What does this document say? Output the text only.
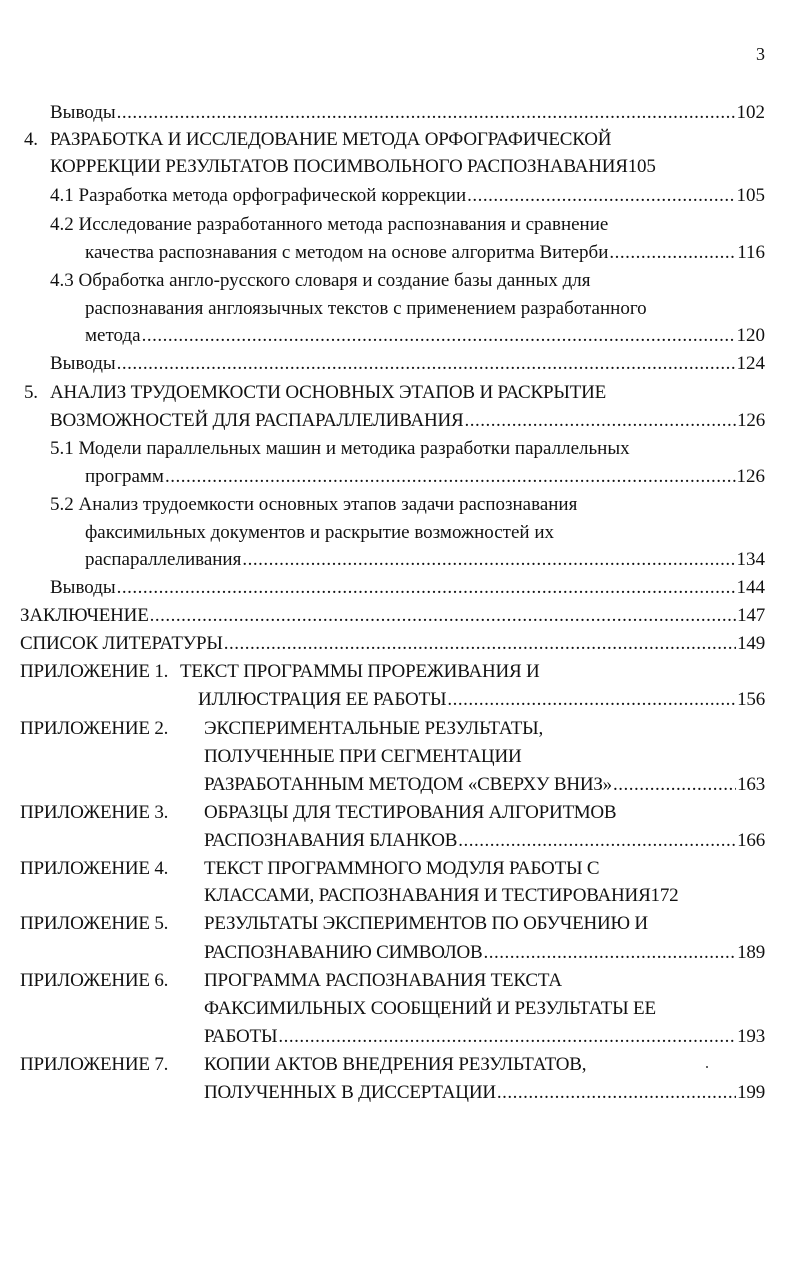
3
Выводы .....	102
4. РАЗРАБОТКА И ИССЛЕДОВАНИЕ МЕТОДА ОРФОГРАФИЧЕСКОЙ
КОРРЕКЦИИ РЕЗУЛЬТАТОВ ПОСИМВОЛЬНОГО РАСПОЗНАВАНИЯ 105
4.1 Разработка метода орфографической коррекции .....	105
4.2 Исследование разработанного метода распознавания и сравнение
качества распознавания с методом на основе алгоритма Витерби .....	116
4.3 Обработка англо-русского словаря и создание базы данных для
распознавания англоязычных текстов с применением разработанного
метода .....	120
Выводы .....	124
5. АНАЛИЗ ТРУДОЕМКОСТИ ОСНОВНЫХ ЭТАПОВ И РАСКРЫТИЕ
ВОЗМОЖНОСТЕЙ ДЛЯ РАСПАРАЛЛЕЛИВАНИЯ .....	126
5.1 Модели параллельных машин и методика разработки параллельных
программ .....	126
5.2 Анализ трудоемкости основных этапов задачи распознавания
факсимильных документов и раскрытие возможностей их
распараллеливания .....	134
Выводы .....	144
ЗАКЛЮЧЕНИЕ .....	147
СПИСОК ЛИТЕРАТУРЫ .....	149
ПРИЛОЖЕНИЕ 1. ТЕКСТ ПРОГРАММЫ ПРОРЕЖИВАНИЯ И
ИЛЛЮСТРАЦИЯ ЕЕ РАБОТЫ .....	156
ПРИЛОЖЕНИЕ 2. ЭКСПЕРИМЕНТАЛЬНЫЕ РЕЗУЛЬТАТЫ,
ПОЛУЧЕННЫЕ ПРИ СЕГМЕНТАЦИИ
РАЗРАБОТАННЫМ МЕТОДОМ «СВЕРХУ ВНИЗ» .....	163
ПРИЛОЖЕНИЕ 3. ОБРАЗЦЫ ДЛЯ ТЕСТИРОВАНИЯ АЛГОРИТМОВ
РАСПОЗНАВАНИЯ БЛАНКОВ .....	166
ПРИЛОЖЕНИЕ 4. ТЕКСТ ПРОГРАММНОГО МОДУЛЯ РАБОТЫ С
КЛАССАМИ, РАСПОЗНАВАНИЯ И ТЕСТИРОВАНИЯ 172
ПРИЛОЖЕНИЕ 5. РЕЗУЛЬТАТЫ ЭКСПЕРИМЕНТОВ ПО ОБУЧЕНИЮ И
РАСПОЗНАВАНИЮ СИМВОЛОВ .....	189
ПРИЛОЖЕНИЕ 6. ПРОГРАММА РАСПОЗНАВАНИЯ ТЕКСТА
ФАКСИМИЛЬНЫХ СООБЩЕНИЙ И РЕЗУЛЬТАТЫ ЕЕ
РАБОТЫ .....	193
ПРИЛОЖЕНИЕ 7. КОПИИ АКТОВ ВНЕДРЕНИЯ РЕЗУЛЬТАТОВ,
ПОЛУЧЕННЫХ В ДИССЕРТАЦИИ .....	199
